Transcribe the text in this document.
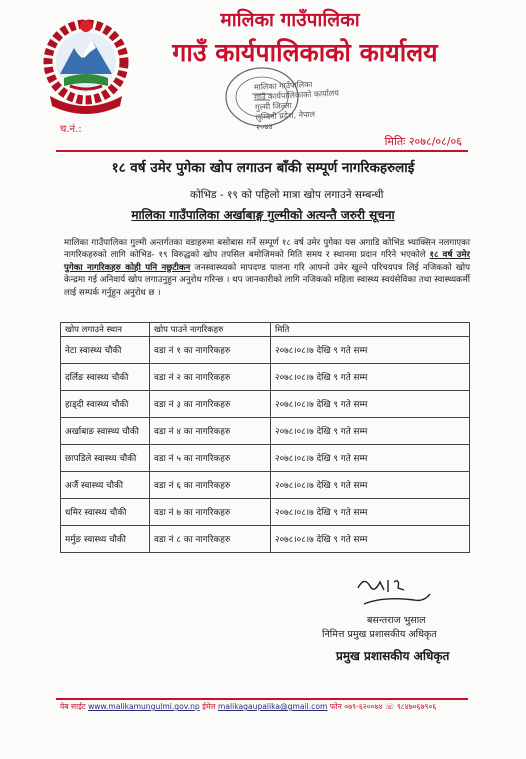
मालिका गाउँपालिका
गाउँ कार्यपालिकाको कार्यालय
मालिका गाउँपालिका
गाउँ कार्यपालिकाको कार्यालय
गुल्मी जिल्ला
लुम्बिनी प्रदेश, नेपाल
२०७४
च.नं.:
मितिः २०७८/०८/०६
१८ वर्ष उमेर पुगेका खोप लगाउन बाँकी सम्पूर्ण नागरिकहरुलाई
कोभिड - १९ को पहिलो मात्रा खोप लगाउने सम्बन्धी
मालिका गाउँपालिका अर्खाबाङ्ग गुल्मीको अत्यन्तै जरुरी सूचना
मालिका गाउँपालिका गुल्मी अन्तर्गतका वडाहरुमा बसोबास गर्ने सम्पूर्ण १८ वर्ष उमेर पुगेका यस अगाडि कोभिड भ्याक्सिन नलगाएका नागरिकहरुको लागि कोभिड- १९ विरुद्धको खोप तपसिल बमोजिमको मिति समय र स्थानमा प्रदान गरिने भएकोले १८ वर्ष उमेर पुगेका नागरिकहरु कोही पनि नछुटीकन जनस्वास्थ्यको मापदण्ड पालना गरि आफ्नो उमेर खुल्ने परिचयपत्र लिई नजिकको खोप केन्द्रमा गई अनिवार्य खोप लगाउनुहुन अनुरोध गरिन्छ । थप जानकारीको लागि नजिकको महिला स्वास्थ्य स्वयंसेविका तथा स्वास्थ्यकर्मी लाई सम्पर्क गर्नुहुन अनुरोध छ ।
खोप लगाउने स्थान	खोप पाउने नागरिकहरु	मिति
नेटा स्वास्थ्य चौकी	वडा नं १ का नागरिकहरु	२०७८।०८।७ देखि ९ गते सम्म
दर्लिङ स्वास्थ्य चौकी	वडा नं २ का नागरिकहरु	२०७८।०८।७ देखि ९ गते सम्म
हाड्दी स्वास्थ्य चौकी	वडा नं ३ का नागरिकहरु	२०७८।०८।७ देखि ९ गते सम्म
अर्खाबाङ स्वास्थ्य चौकी	वडा नं ४ का नागरिकहरु	२०७८।०८।७ देखि ९ गते सम्म
छापडिले स्वास्थ्य चौकी	वडा नं ५ का नागरिकहरु	२०७८।०८।७ देखि ९ गते सम्म
अर्जै स्वास्थ्य चौकी	वडा नं ६ का नागरिकहरु	२०७८।०८।७ देखि ९ गते सम्म
धमिर स्वास्थ्य चौकी	वडा नं ७ का नागरिकहरु	२०७८।०८।७ देखि ९ गते सम्म
मर्मुङ स्वास्थ्य चौकी	वडा नं ८ का नागरिकहरु	२०७८।०८।७ देखि ९ गते सम्म
बसन्तराज भुसाल
निमित्त प्रमुख प्रशासकीय अधिकृत
प्रमुख प्रशासकीय अधिकृत
वेब साईट www.malikamungulmi.gov.np ईमेल malikagaupalika@gmail.com फोन ०७९-६२००७४ ☏ ९८४७०६७९०६
